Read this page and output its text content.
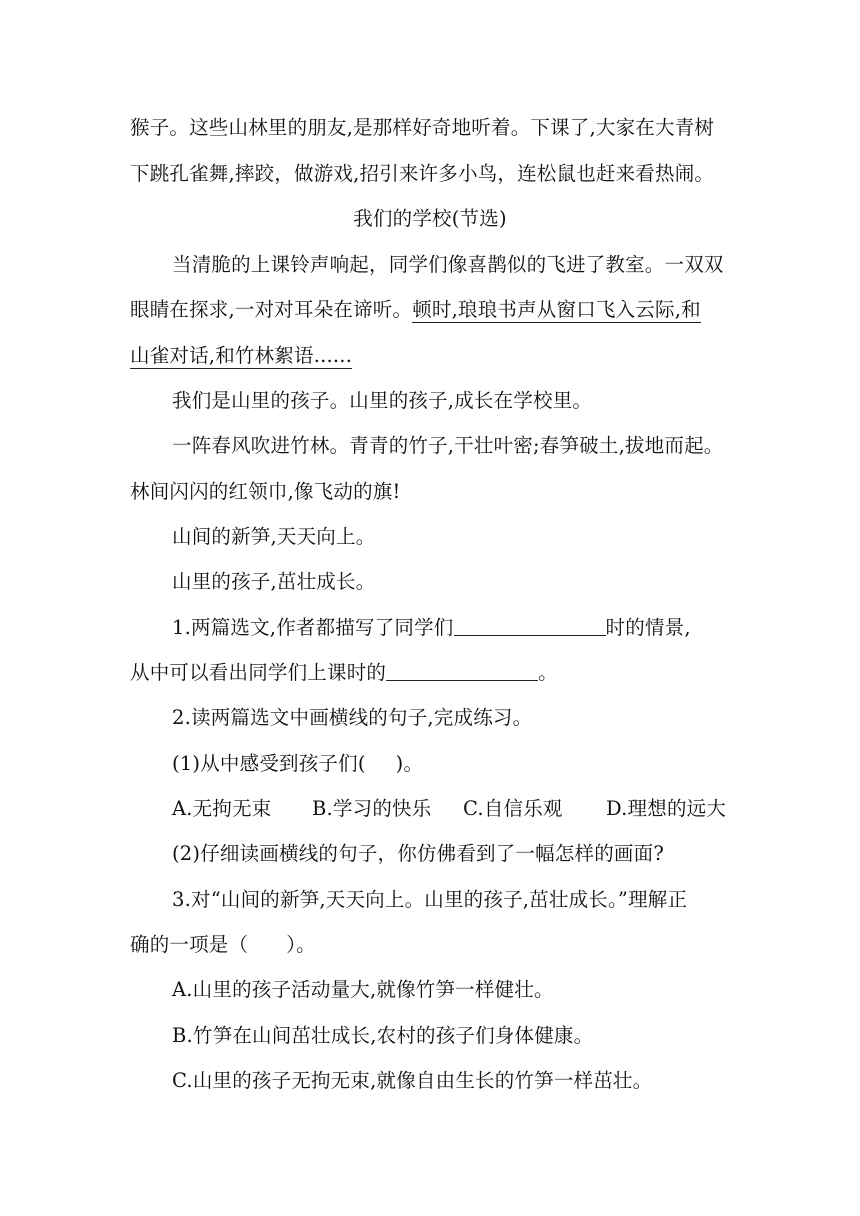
猴子。这些山林里的朋友,是那样好奇地听着。下课了,大家在大青树
下跳孔雀舞,摔跤，做游戏,招引来许多小鸟，连松鼠也赶来看热闹。
我们的学校(节选)
当清脆的上课铃声响起，同学们像喜鹊似的飞进了教室。一双双
眼睛在探求,一对对耳朵在谛听。顿时,琅琅书声从窗口飞入云际,和
山雀对话,和竹林絮语......
我们是山里的孩子。山里的孩子,成长在学校里。
一阵春风吹进竹林。青青的竹子,干壮叶密;春笋破土,拔地而起。
林间闪闪的红领巾,像飞动的旗!
山间的新笋,天天向上。
山里的孩子,茁壮成长。
1.两篇选文,作者都描写了同学们	时的情景,
从中可以看出同学们上课时的	。
2.读两篇选文中画横线的句子,完成练习。
(1)从中感受到孩子们( )。
A.无拘无束 B.学习的快乐 C.自信乐观 D.理想的远大
(2)仔细读画横线的句子，你仿佛看到了一幅怎样的画面?
3.对“山间的新笋,天天向上。山里的孩子,茁壮成长。”理解正
确的一项是（ ）。
A.山里的孩子活动量大,就像竹笋一样健壮。
B.竹笋在山间茁壮成长,农村的孩子们身体健康。
C.山里的孩子无拘无束,就像自由生长的竹笋一样茁壮。
